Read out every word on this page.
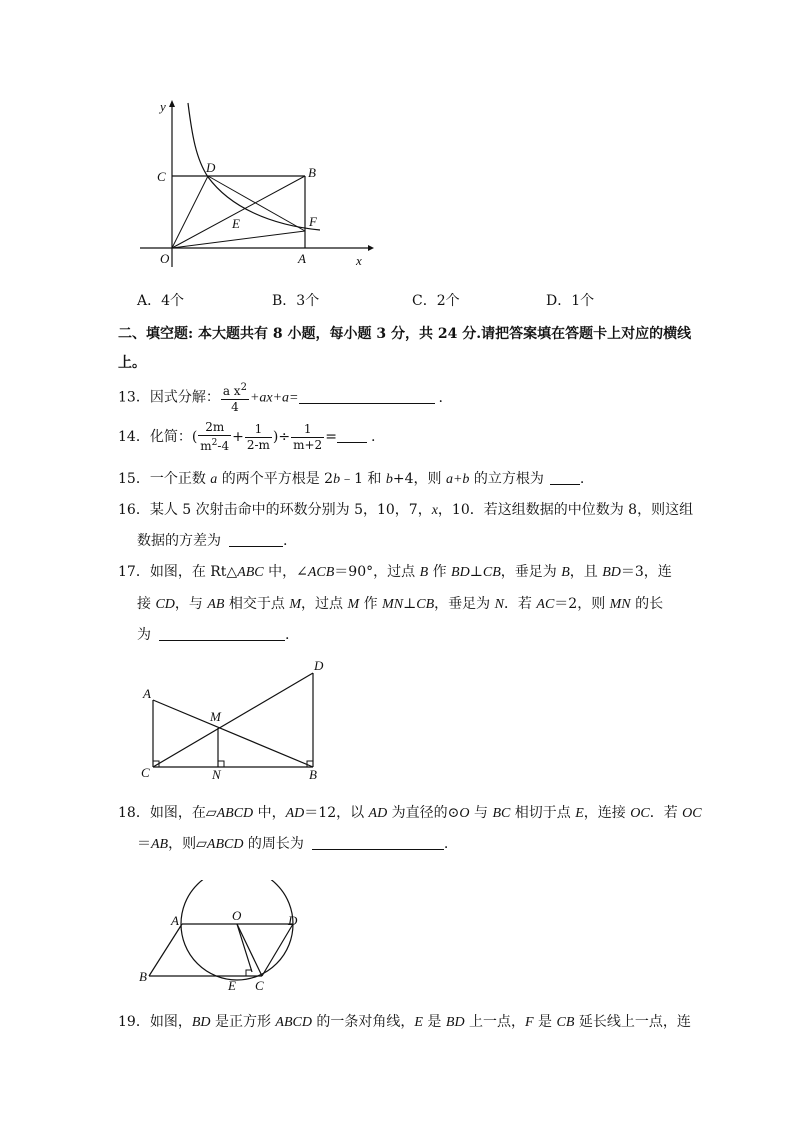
y
x
O	A
B
C
D
E	F
A．4个	B．3个	C．2个	D．1个
二、填空题: 本大题共有 8 小题，每小题 3 分，共 24 分.请把答案填在答题卡上对应的横线
上。
13．因式分解： $\frac{a x^2}{4} +ax+a=$	.
14．化简：( $\frac{2m}{m^2-4} + \frac{1}{2-m}$ )÷ $\frac{1}{m+2}$ = .
15．一个正数 a 的两个平方根是 2b﹣1 和 b+4，则 a+b 的立方根为	.
16．某人 5 次射击命中的环数分别为 5，10，7，x，10．若这组数据的中位数为 8，则这组
数据的方差为	.
17．如图，在 Rt△ABC 中，∠ACB＝90°，过点 B 作 BD⊥CB，垂足为 B，且 BD＝3，连
接 CD，与 AB 相交于点 M，过点 M 作 MN⊥CB，垂足为 N．若 AC＝2，则 MN 的长
为	.
A
M
D
C	N	B
18．如图，在▱ABCD 中，AD＝12，以 AD 为直径的⊙O 与 BC 相切于点 E，连接 OC．若 OC
＝AB，则▱ABCD 的周长为	.
A	O	D
B
E C
19．如图，BD 是正方形 ABCD 的一条对角线，E 是 BD 上一点，F 是 CB 延长线上一点，连
